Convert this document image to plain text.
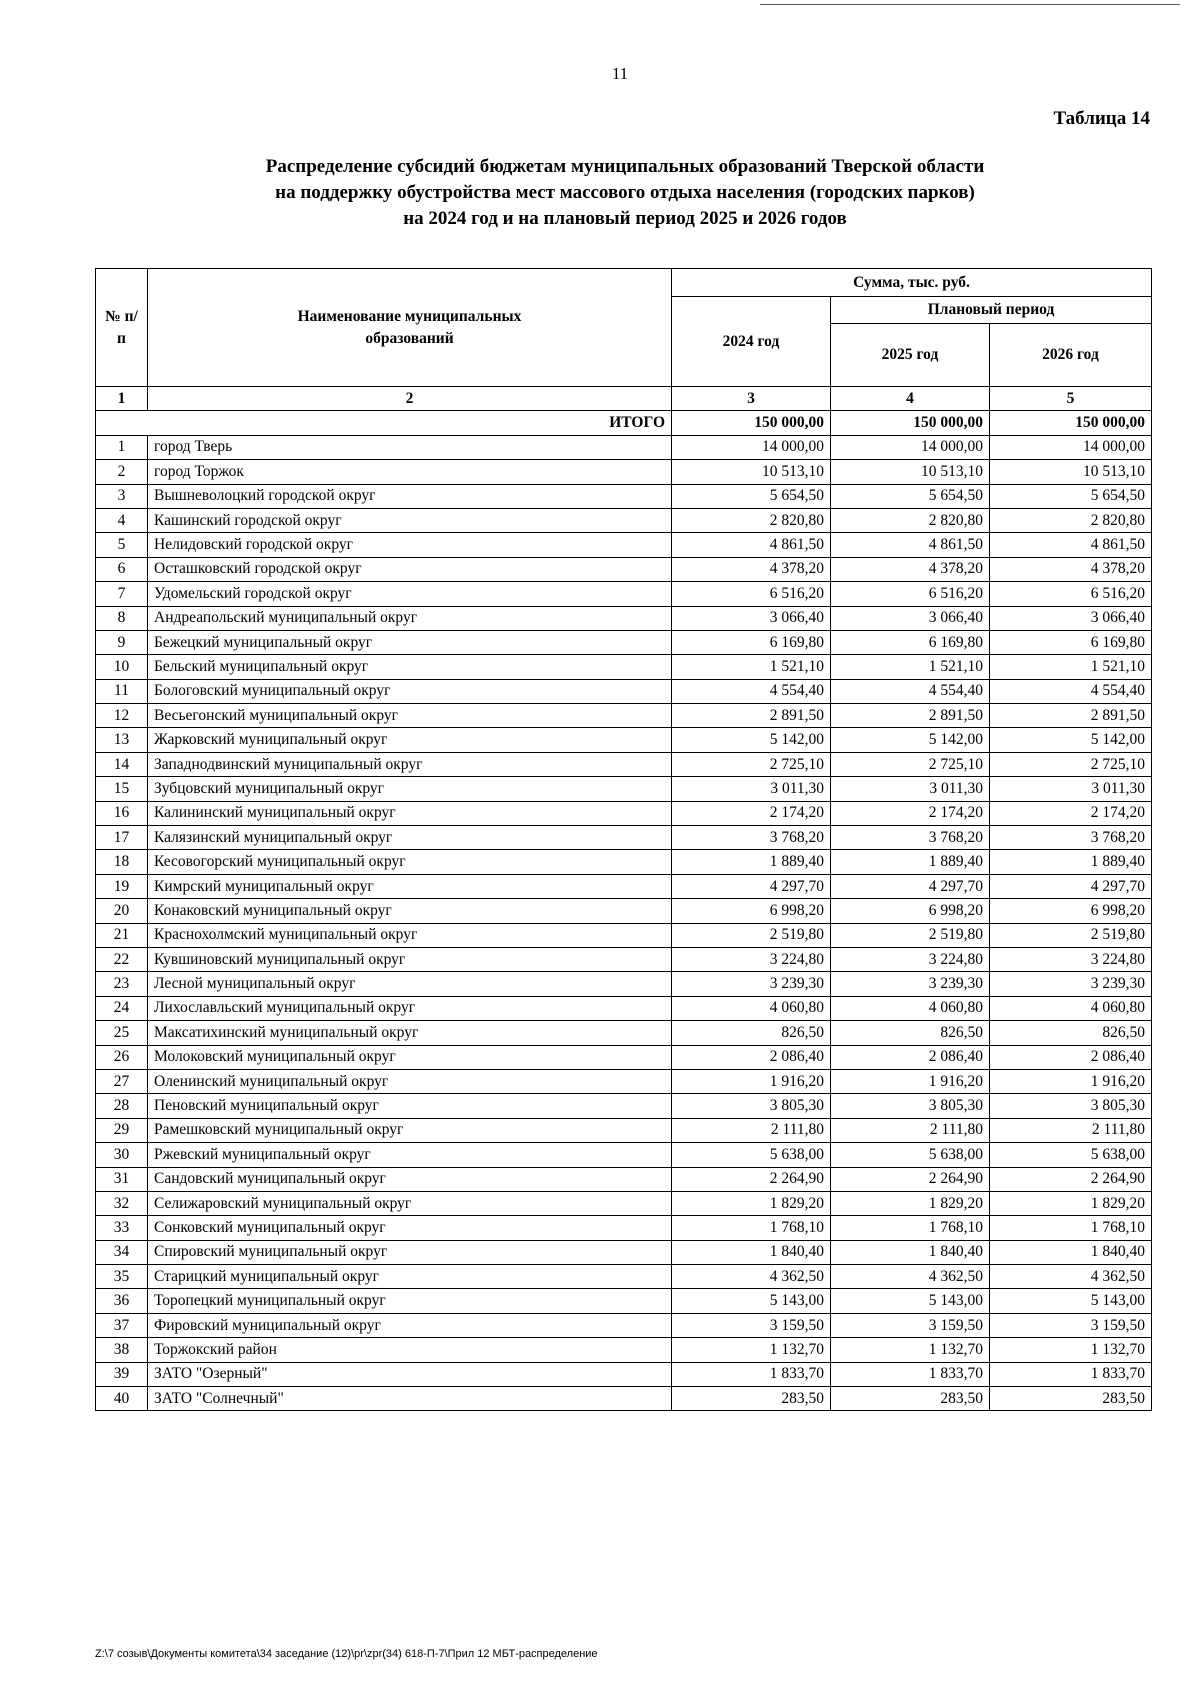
11
Таблица 14
Распределение субсидий бюджетам муниципальных образований Тверской области
на поддержку обустройства мест массового отдыха населения (городских парков)
на 2024 год и на плановый период 2025 и 2026 годов
№ п/п	Наименование муниципальных образований	Сумма, тыс. руб.		
		2024 год	Плановый период	
			2025 год	2026 год
1	2	3	4	5
ИТОГО		150 000,00	150 000,00	150 000,00
1	город Тверь	14 000,00	14 000,00	14 000,00
2	город Торжок	10 513,10	10 513,10	10 513,10
3	Вышневолоцкий городской округ	5 654,50	5 654,50	5 654,50
4	Кашинский городской округ	2 820,80	2 820,80	2 820,80
5	Нелидовский городской округ	4 861,50	4 861,50	4 861,50
6	Осташковский городской округ	4 378,20	4 378,20	4 378,20
7	Удомельский городской округ	6 516,20	6 516,20	6 516,20
8	Андреапольский муниципальный округ	3 066,40	3 066,40	3 066,40
9	Бежецкий муниципальный округ	6 169,80	6 169,80	6 169,80
10	Бельский муниципальный округ	1 521,10	1 521,10	1 521,10
11	Бологовский муниципальный округ	4 554,40	4 554,40	4 554,40
12	Весьегонский муниципальный округ	2 891,50	2 891,50	2 891,50
13	Жарковский муниципальный округ	5 142,00	5 142,00	5 142,00
14	Западнодвинский муниципальный округ	2 725,10	2 725,10	2 725,10
15	Зубцовский муниципальный округ	3 011,30	3 011,30	3 011,30
16	Калининский муниципальный округ	2 174,20	2 174,20	2 174,20
17	Калязинский муниципальный округ	3 768,20	3 768,20	3 768,20
18	Кесовогорский муниципальный округ	1 889,40	1 889,40	1 889,40
19	Кимрский муниципальный округ	4 297,70	4 297,70	4 297,70
20	Конаковский муниципальный округ	6 998,20	6 998,20	6 998,20
21	Краснохолмский муниципальный округ	2 519,80	2 519,80	2 519,80
22	Кувшиновский муниципальный округ	3 224,80	3 224,80	3 224,80
23	Лесной муниципальный округ	3 239,30	3 239,30	3 239,30
24	Лихославльский муниципальный округ	4 060,80	4 060,80	4 060,80
25	Максатихинский муниципальный округ	826,50	826,50	826,50
26	Молоковский муниципальный округ	2 086,40	2 086,40	2 086,40
27	Оленинский муниципальный округ	1 916,20	1 916,20	1 916,20
28	Пеновский муниципальный округ	3 805,30	3 805,30	3 805,30
29	Рамешковский муниципальный округ	2 111,80	2 111,80	2 111,80
30	Ржевский муниципальный округ	5 638,00	5 638,00	5 638,00
31	Сандовский муниципальный округ	2 264,90	2 264,90	2 264,90
32	Селижаровский муниципальный округ	1 829,20	1 829,20	1 829,20
33	Сонковский муниципальный округ	1 768,10	1 768,10	1 768,10
34	Спировский муниципальный округ	1 840,40	1 840,40	1 840,40
35	Старицкий муниципальный округ	4 362,50	4 362,50	4 362,50
36	Торопецкий муниципальный округ	5 143,00	5 143,00	5 143,00
37	Фировский муниципальный округ	3 159,50	3 159,50	3 159,50
38	Торжокский район	1 132,70	1 132,70	1 132,70
39	ЗАТО "Озерный"	1 833,70	1 833,70	1 833,70
40	ЗАТО "Солнечный"	283,50	283,50	283,50
Z:\7 созыв\Документы комитета\34 заседание (12)\pr\zpr(34) 618-П-7\Прил 12 МБТ-распределение
